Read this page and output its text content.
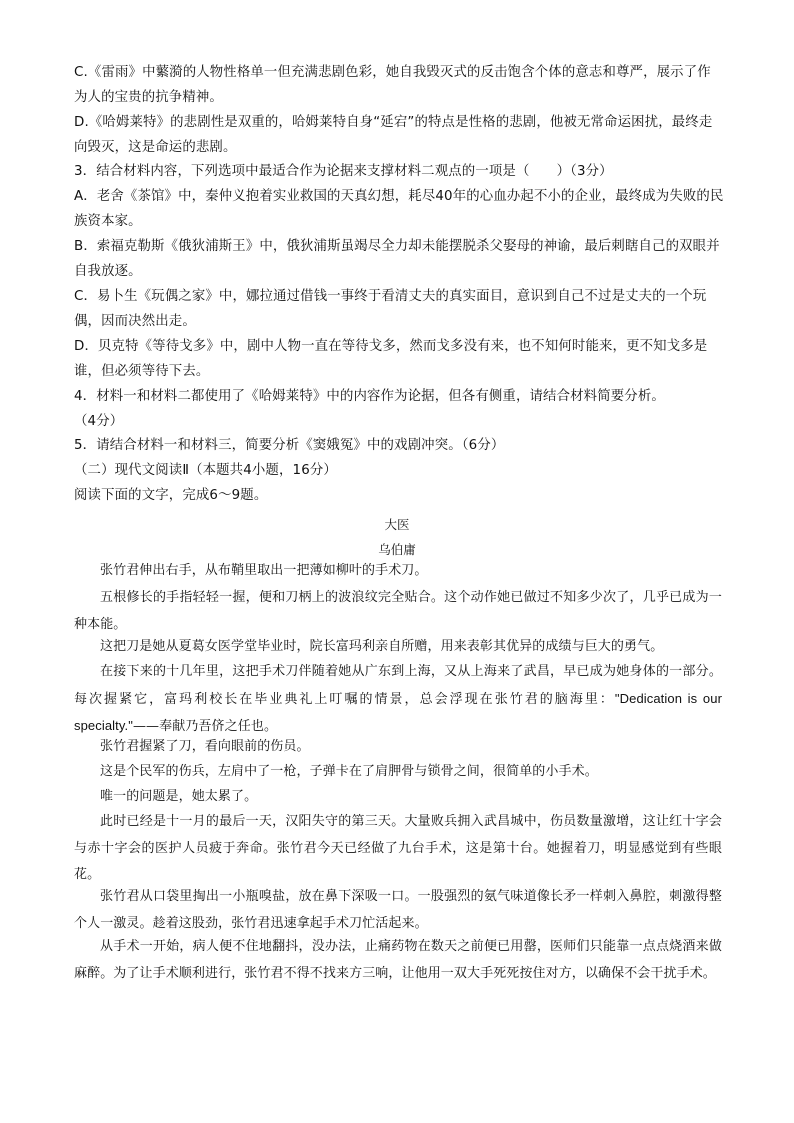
C.《雷雨》中蘩漪的人物性格单一但充满悲剧色彩，她自我毁灭式的反击饱含个体的意志和尊严，展示了作为人的宝贵的抗争精神。
D.《哈姆莱特》的悲剧性是双重的，哈姆莱特自身“延宕”的特点是性格的悲剧，他被无常命运困扰，最终走向毁灭，这是命运的悲剧。
3．结合材料内容，下列选项中最适合作为论据来支撑材料二观点的一项是（　　）（3分）
A．老舍《茶馆》中，秦仲义抱着实业救国的天真幻想，耗尽40年的心血办起不小的企业，最终成为失败的民族资本家。
B．索福克勒斯《俄狄浦斯王》中，俄狄浦斯虽竭尽全力却未能摆脱杀父娶母的神谕，最后刺瞎自己的双眼并自我放逐。
C．易卜生《玩偶之家》中，娜拉通过借钱一事终于看清丈夫的真实面目，意识到自己不过是丈夫的一个玩偶，因而决然出走。
D．贝克特《等待戈多》中，剧中人物一直在等待戈多，然而戈多没有来，也不知何时能来，更不知戈多是谁，但必须等待下去。
4．材料一和材料二都使用了《哈姆莱特》中的内容作为论据，但各有侧重，请结合材料简要分析。
（4分）
5．请结合材料一和材料三，简要分析《窦娥冤》中的戏剧冲突。（6分）
（二）现代文阅读Ⅱ（本题共4小题，16分）
阅读下面的文字，完成6～9题。
大医
乌伯庸
张竹君伸出右手，从布鞘里取出一把薄如柳叶的手术刀。
五根修长的手指轻轻一握，便和刀柄上的波浪纹完全贴合。这个动作她已做过不知多少次了，几乎已成为一种本能。
这把刀是她从夏葛女医学堂毕业时，院长富玛利亲自所赠，用来表彰其优异的成绩与巨大的勇气。
在接下来的十几年里，这把手术刀伴随着她从广东到上海，又从上海来了武昌，早已成为她身体的一部分。每次握紧它，富玛利校长在毕业典礼上叮嘱的情景，总会浮现在张竹君的脑海里："Dedication is our specialty."——奉献乃吾侪之任也。
张竹君握紧了刀，看向眼前的伤员。
这是个民军的伤兵，左肩中了一枪，子弹卡在了肩胛骨与锁骨之间，很简单的小手术。
唯一的问题是，她太累了。
此时已经是十一月的最后一天，汉阳失守的第三天。大量败兵拥入武昌城中，伤员数量激增，这让红十字会与赤十字会的医护人员疲于奔命。张竹君今天已经做了九台手术，这是第十台。她握着刀，明显感觉到有些眼花。
张竹君从口袋里掏出一小瓶嗅盐，放在鼻下深吸一口。一股强烈的氨气味道像长矛一样刺入鼻腔，刺激得整个人一激灵。趁着这股劲，张竹君迅速拿起手术刀忙活起来。
从手术一开始，病人便不住地翻抖，没办法，止痛药物在数天之前便已用罄，医师们只能靠一点点烧酒来做麻醉。为了让手术顺利进行，张竹君不得不找来方三响，让他用一双大手死死按住对方，以确保不会干扰手术。
